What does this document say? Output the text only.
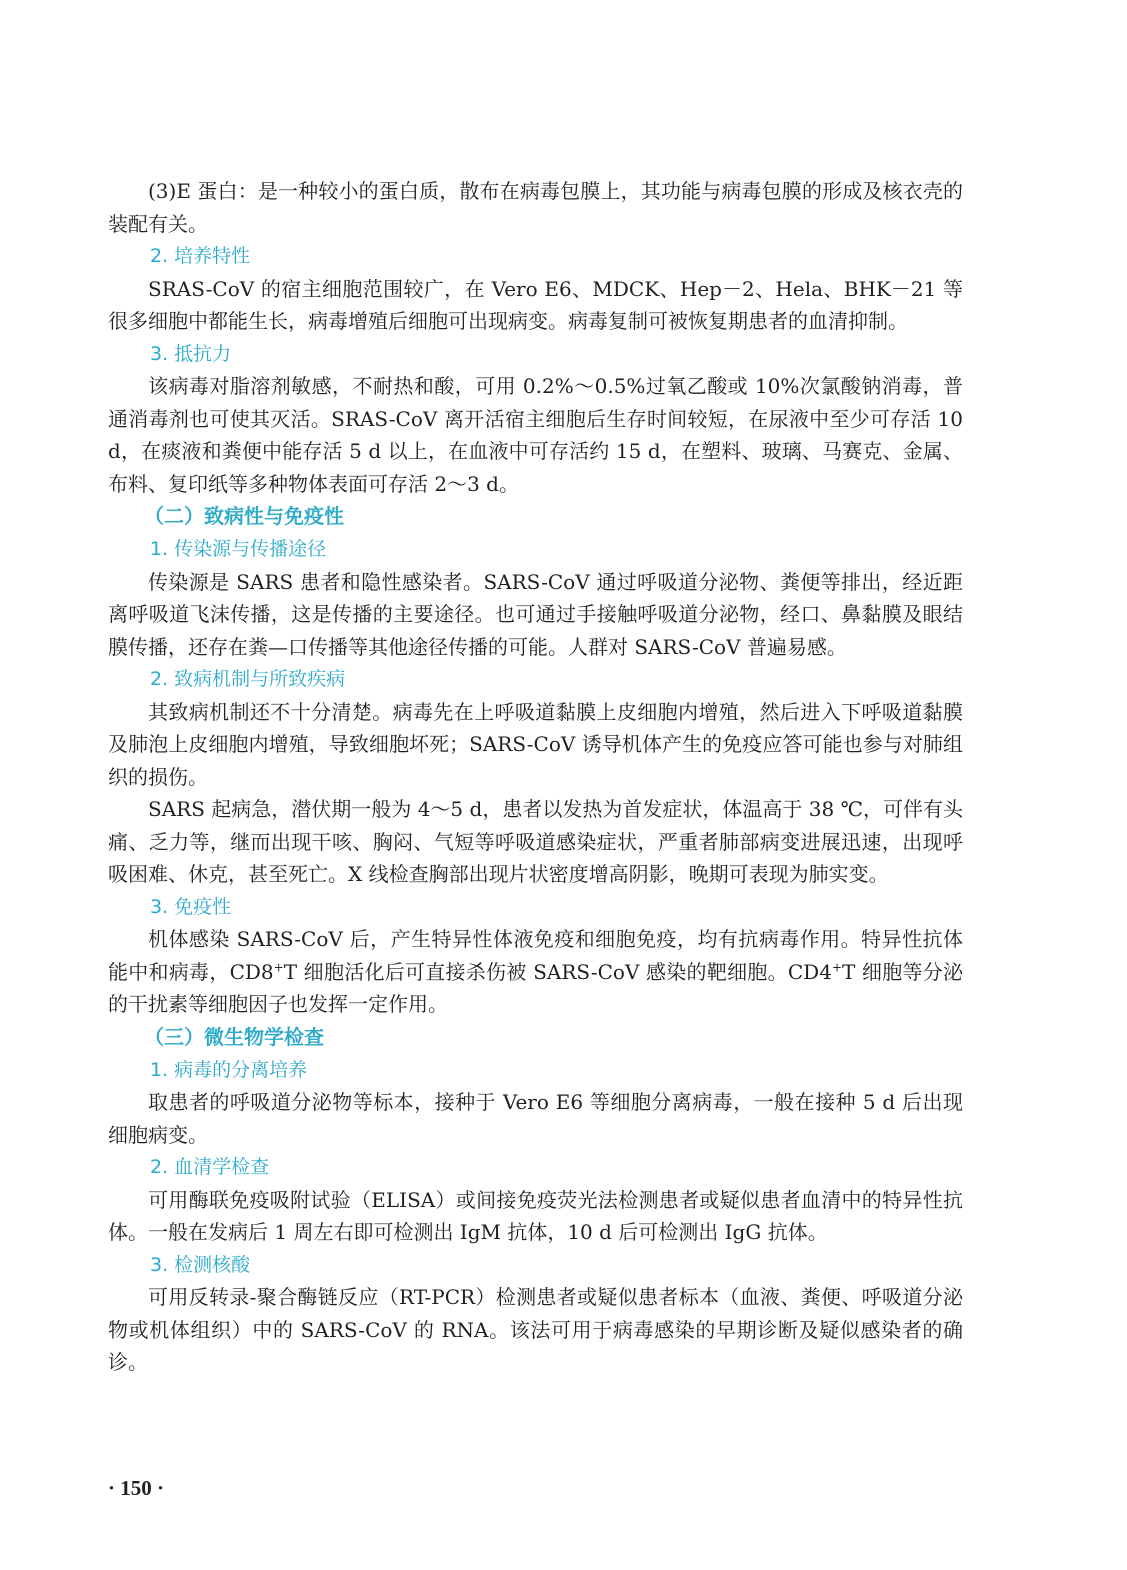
(3)E 蛋白：是一种较小的蛋白质，散布在病毒包膜上，其功能与病毒包膜的形成及核衣壳的装配有关。

2. 培养特性

SRAS-CoV 的宿主细胞范围较广，在 Vero E6、MDCK、Hep－2、Hela、BHK－21 等很多细胞中都能生长，病毒增殖后细胞可出现病变。病毒复制可被恢复期患者的血清抑制。

3. 抵抗力

该病毒对脂溶剂敏感，不耐热和酸，可用 0.2%～0.5%过氧乙酸或 10%次氯酸钠消毒，普通消毒剂也可使其灭活。SRAS-CoV 离开活宿主细胞后生存时间较短，在尿液中至少可存活 10 d，在痰液和粪便中能存活 5 d 以上，在血液中可存活约 15 d，在塑料、玻璃、马赛克、金属、布料、复印纸等多种物体表面可存活 2～3 d。

（二）致病性与免疫性

1. 传染源与传播途径

传染源是 SARS 患者和隐性感染者。SARS-CoV 通过呼吸道分泌物、粪便等排出，经近距离呼吸道飞沫传播，这是传播的主要途径。也可通过手接触呼吸道分泌物，经口、鼻黏膜及眼结膜传播，还存在粪—口传播等其他途径传播的可能。人群对 SARS-CoV 普遍易感。

2. 致病机制与所致疾病

其致病机制还不十分清楚。病毒先在上呼吸道黏膜上皮细胞内增殖，然后进入下呼吸道黏膜及肺泡上皮细胞内增殖，导致细胞坏死；SARS-CoV 诱导机体产生的免疫应答可能也参与对肺组织的损伤。

SARS 起病急，潜伏期一般为 4～5 d，患者以发热为首发症状，体温高于 38 ℃，可伴有头痛、乏力等，继而出现干咳、胸闷、气短等呼吸道感染症状，严重者肺部病变进展迅速，出现呼吸困难、休克，甚至死亡。X 线检查胸部出现片状密度增高阴影，晚期可表现为肺实变。

3. 免疫性

机体感染 SARS-CoV 后，产生特异性体液免疫和细胞免疫，均有抗病毒作用。特异性抗体能中和病毒，CD8+T 细胞活化后可直接杀伤被 SARS-CoV 感染的靶细胞。CD4+T 细胞等分泌的干扰素等细胞因子也发挥一定作用。

（三）微生物学检查

1. 病毒的分离培养

取患者的呼吸道分泌物等标本，接种于 Vero E6 等细胞分离病毒，一般在接种 5 d 后出现细胞病变。

2. 血清学检查

可用酶联免疫吸附试验（ELISA）或间接免疫荧光法检测患者或疑似患者血清中的特异性抗体。一般在发病后 1 周左右即可检测出 IgM 抗体，10 d 后可检测出 IgG 抗体。

3. 检测核酸

可用反转录-聚合酶链反应（RT-PCR）检测患者或疑似患者标本（血液、粪便、呼吸道分泌物或机体组织）中的 SARS-CoV 的 RNA。该法可用于病毒感染的早期诊断及疑似感染者的确诊。

· 150 ·
